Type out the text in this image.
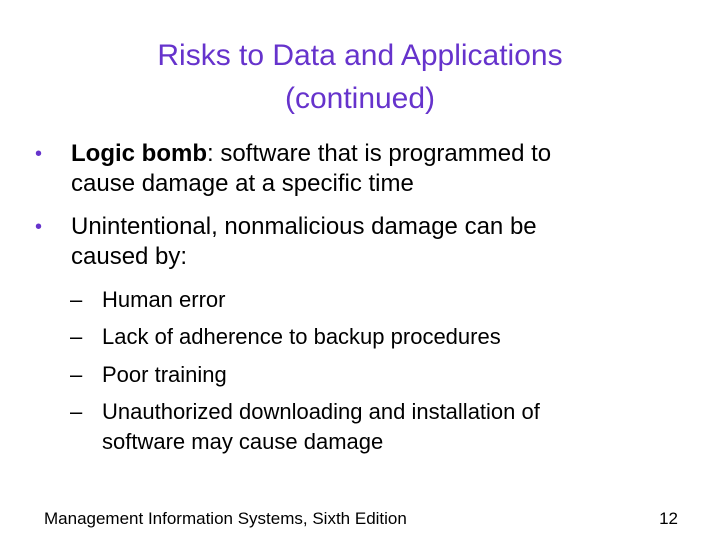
Risks to Data and Applications
(continued)
• Logic bomb: software that is programmed to
cause damage at a specific time
• Unintentional, nonmalicious damage can be
caused by:
– Human error
– Lack of adherence to backup procedures
– Poor training
– Unauthorized downloading and installation of
software may cause damage
Management Information Systems, Sixth Edition	12
